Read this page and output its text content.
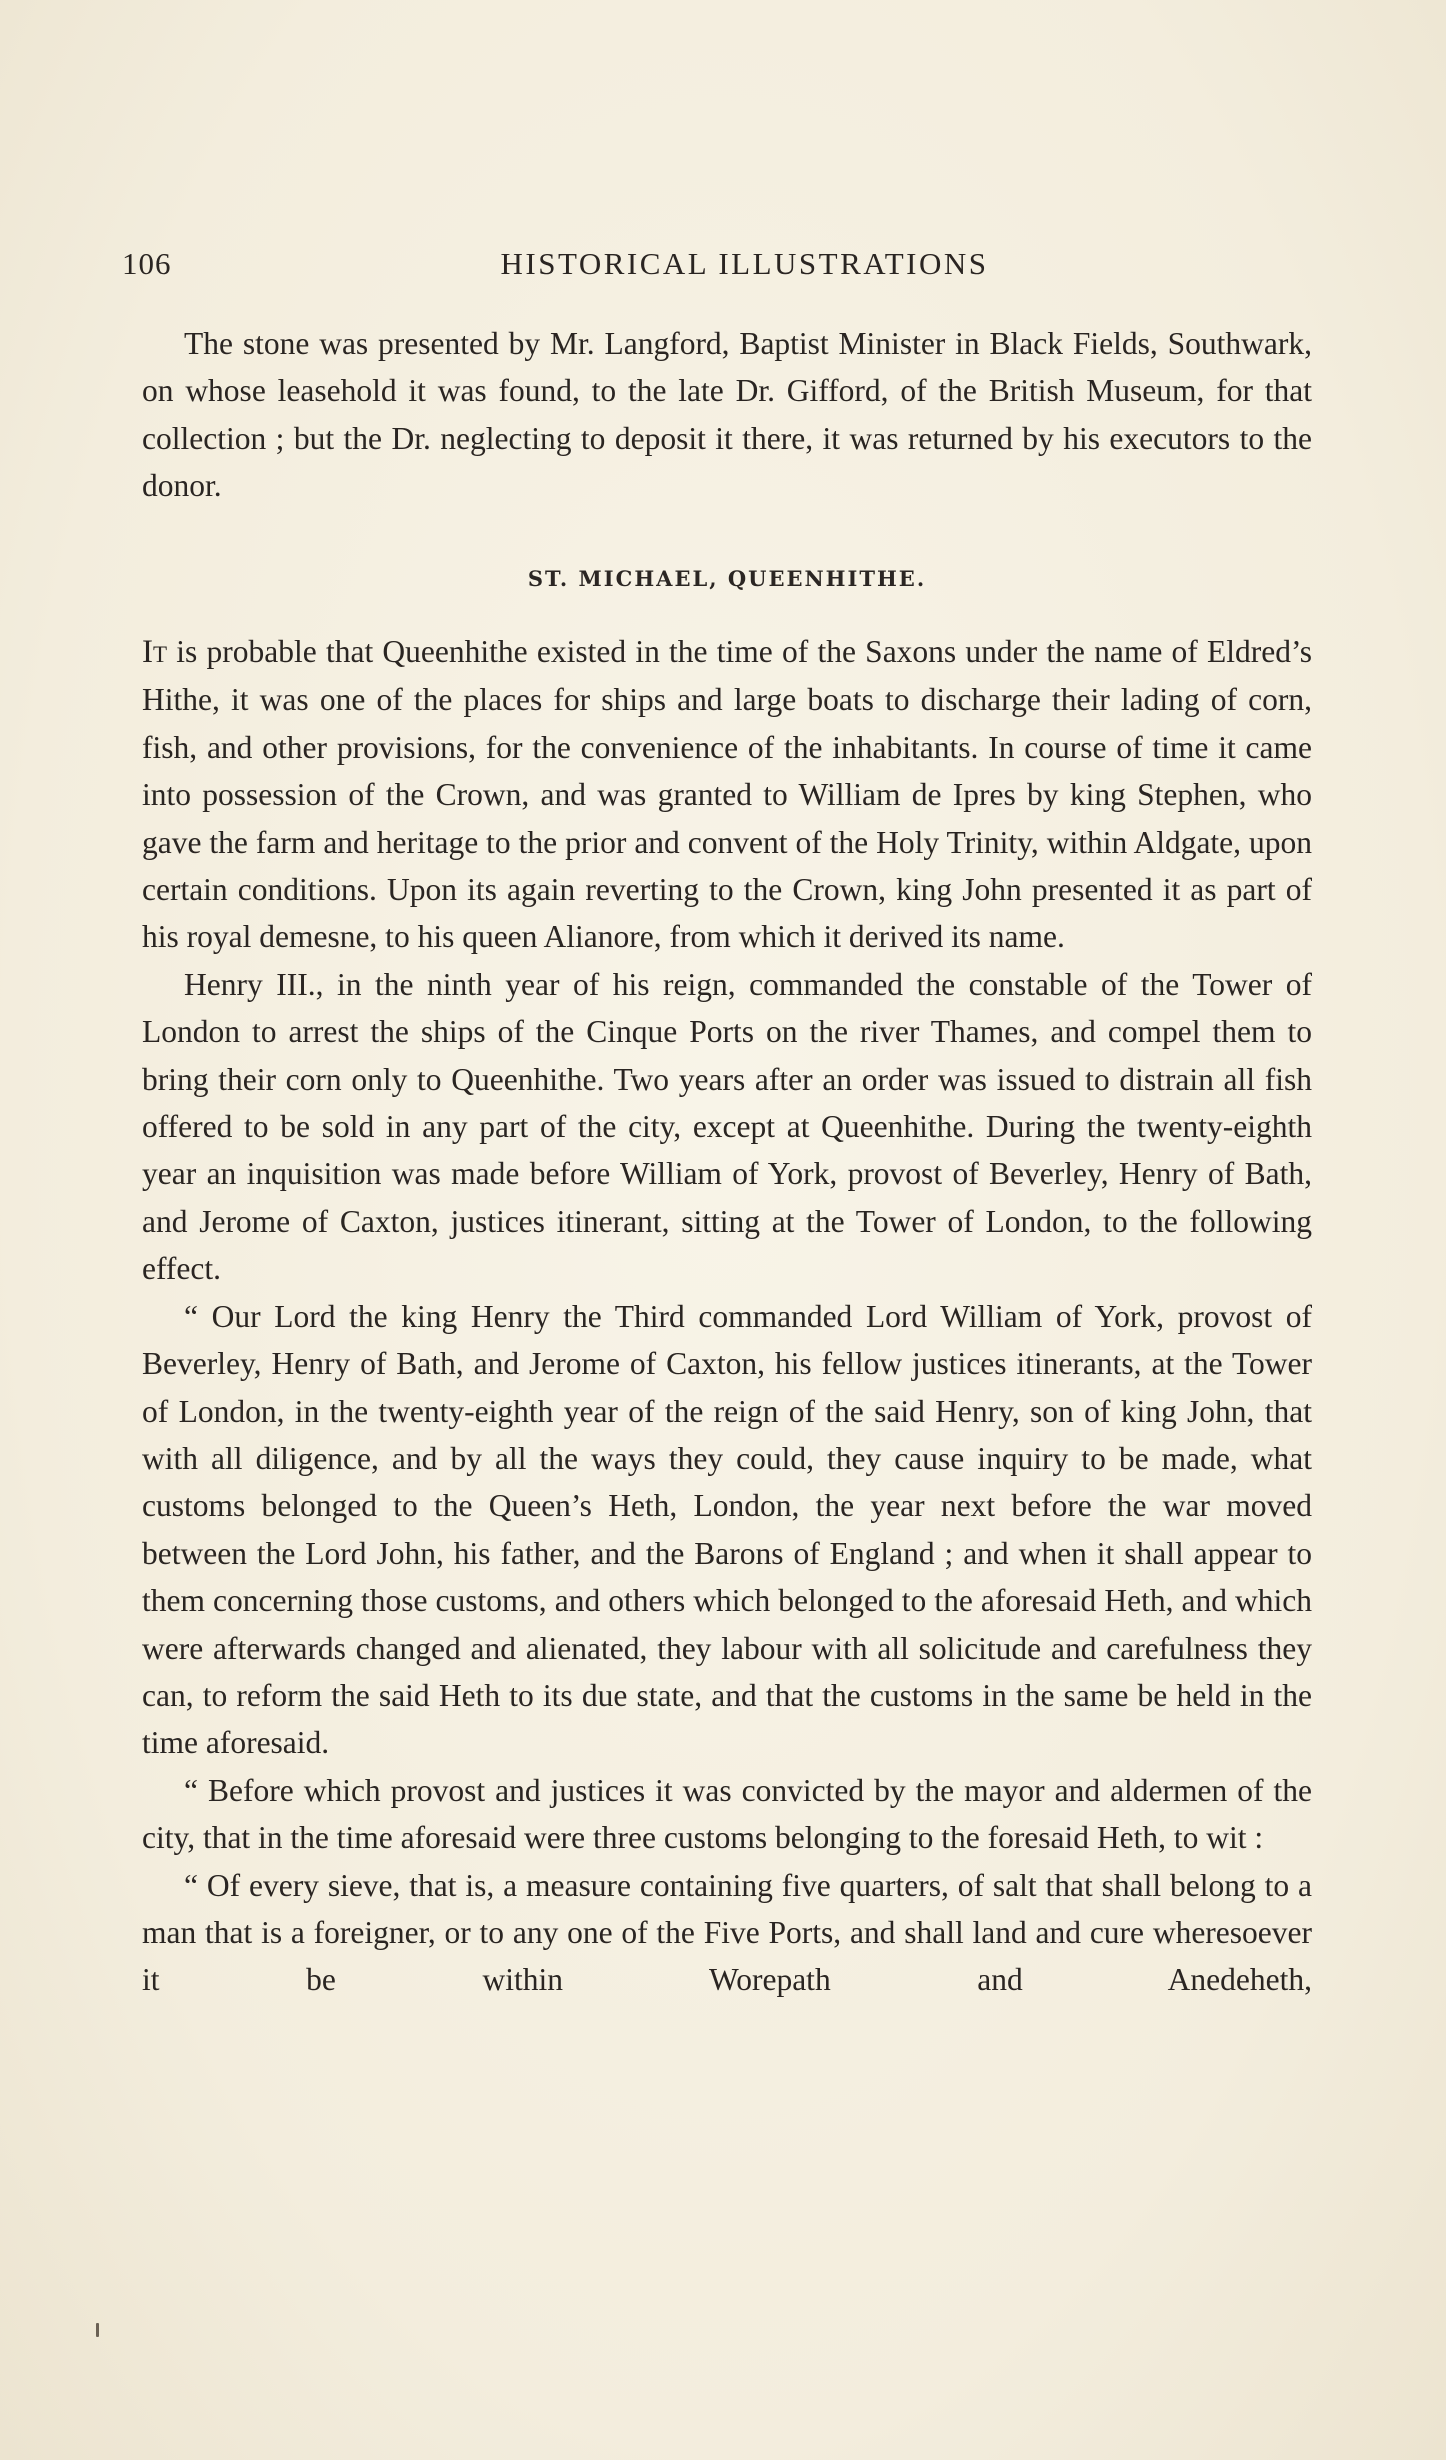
106	HISTORICAL ILLUSTRATIONS

The stone was presented by Mr. Langford, Baptist Minister in Black Fields, Southwark, on whose leasehold it was found, to the late Dr. Gifford, of the British Museum, for that collection ; but the Dr. neglecting to deposit it there, it was returned by his executors to the donor.

ST. MICHAEL, QUEENHITHE.

It is probable that Queenhithe existed in the time of the Saxons under the name of Eldred’s Hithe, it was one of the places for ships and large boats to discharge their lading of corn, fish, and other provisions, for the convenience of the inhabitants. In course of time it came into possession of the Crown, and was granted to William de Ipres by king Stephen, who gave the farm and heritage to the prior and convent of the Holy Trinity, within Aldgate, upon certain conditions. Upon its again reverting to the Crown, king John presented it as part of his royal demesne, to his queen Alianore, from which it derived its name.

Henry III., in the ninth year of his reign, commanded the constable of the Tower of London to arrest the ships of the Cinque Ports on the river Thames, and compel them to bring their corn only to Queenhithe. Two years after an order was issued to distrain all fish offered to be sold in any part of the city, except at Queenhithe. During the twenty-eighth year an inquisition was made before William of York, provost of Beverley, Henry of Bath, and Jerome of Caxton, justices itinerant, sitting at the Tower of London, to the following effect.

“ Our Lord the king Henry the Third commanded Lord William of York, provost of Beverley, Henry of Bath, and Jerome of Caxton, his fellow justices itinerants, at the Tower of London, in the twenty-eighth year of the reign of the said Henry, son of king John, that with all diligence, and by all the ways they could, they cause inquiry to be made, what customs belonged to the Queen’s Heth, London, the year next before the war moved between the Lord John, his father, and the Barons of England ; and when it shall appear to them concerning those customs, and others which belonged to the aforesaid Heth, and which were afterwards changed and alienated, they labour with all solicitude and carefulness they can, to reform the said Heth to its due state, and that the customs in the same be held in the time aforesaid.

“ Before which provost and justices it was convicted by the mayor and aldermen of the city, that in the time aforesaid were three customs belonging to the foresaid Heth, to wit :

“ Of every sieve, that is, a measure containing five quarters, of salt that shall belong to a man that is a foreigner, or to any one of the Five Ports, and shall land and cure wheresoever it be within Worepath and Anedeheth,
